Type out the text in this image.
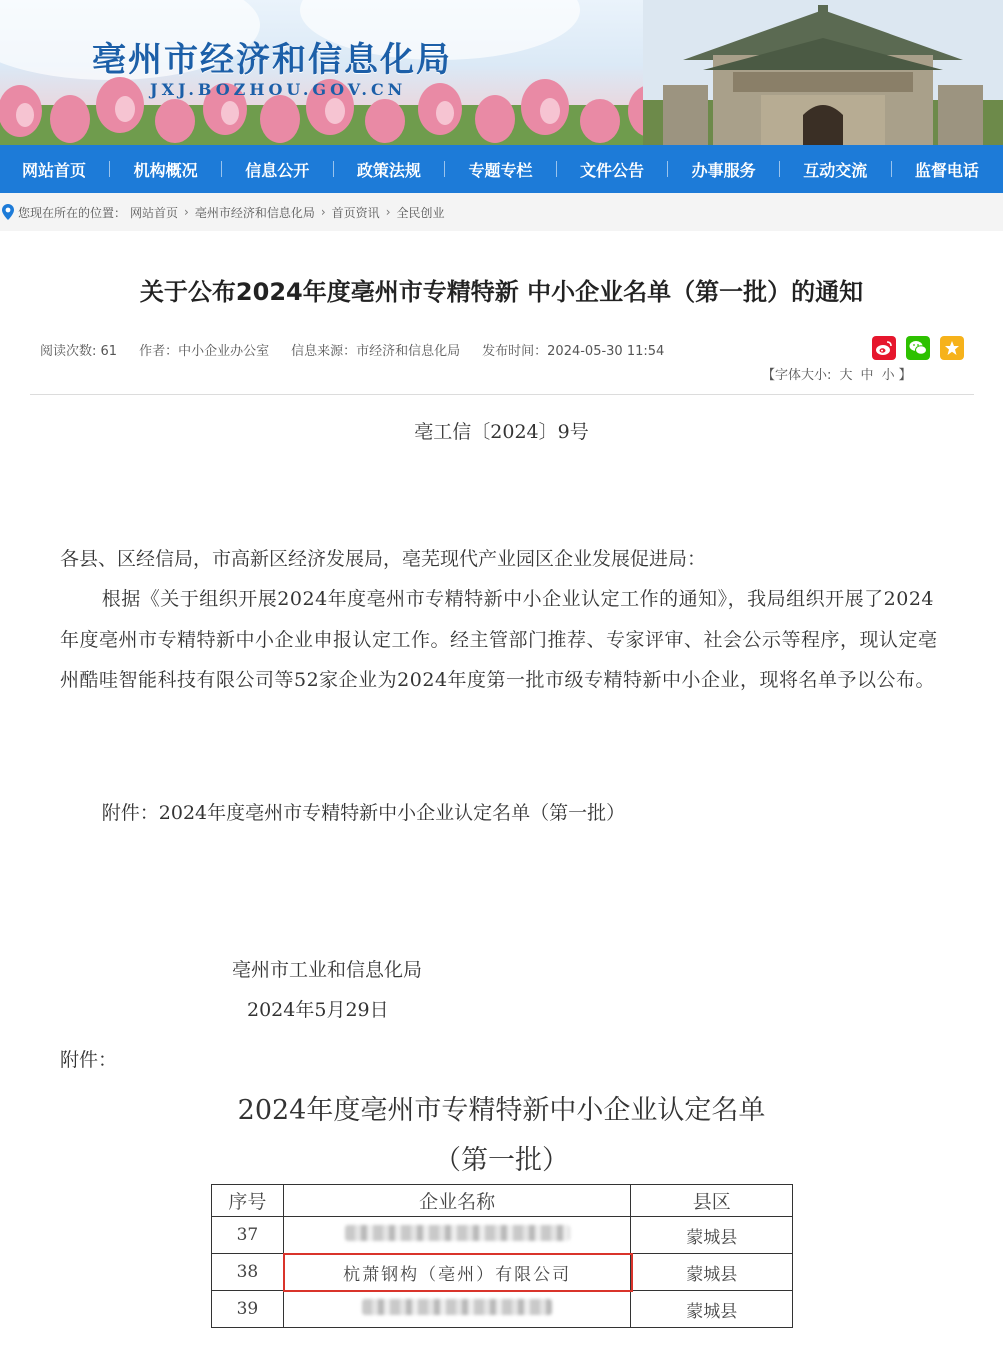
亳州市经济和信息化局
JXJ.BOZHOU.GOV.CN
网站首页	机构概况	信息公开	政策法规	专题专栏	文件公告	办事服务	互动交流	监督电话
您现在所在的位置： 网站首页 › 亳州市经济和信息化局 › 首页资讯 › 全民创业
关于公布2024年度亳州市专精特新 中小企业名单（第一批）的通知
阅读次数: 61 作者：中小企业办公室 信息来源：市经济和信息化局 发布时间：2024-05-30 11:54
【字体大小: 大 中 小 】
亳工信〔2024〕9号
各县、区经信局，市高新区经济发展局，亳芜现代产业园区企业发展促进局：
根据《关于组织开展2024年度亳州市专精特新中小企业认定工作的通知》，我局组织开展了2024年度亳州市专精特新中小企业申报认定工作。经主管部门推荐、专家评审、社会公示等程序，现认定亳州酷哇智能科技有限公司等52家企业为2024年度第一批市级专精特新中小企业，现将名单予以公布。
附件：2024年度亳州市专精特新中小企业认定名单（第一批）
亳州市工业和信息化局
2024年5月29日
附件：
2024年度亳州市专精特新中小企业认定名单
（第一批）
序号	企业名称	县区
37		蒙城县
38	杭萧钢构（亳州）有限公司	蒙城县
39		蒙城县
